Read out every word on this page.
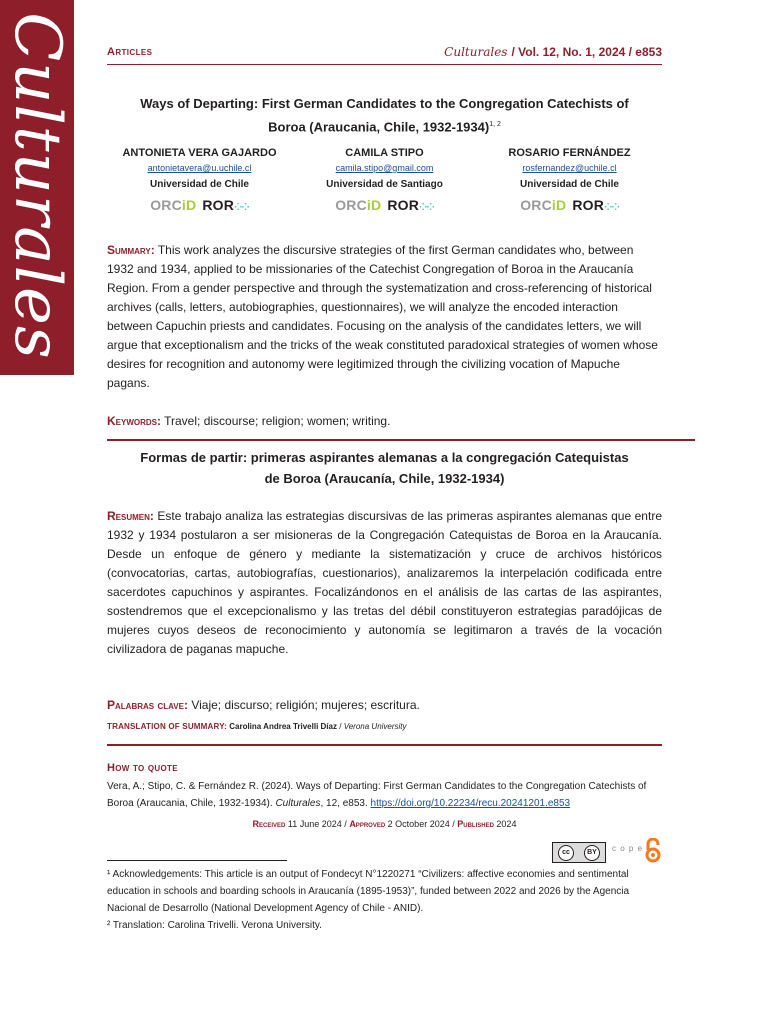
Culturales	Articles	Culturales / Vol. 12, No. 1, 2024 / e853
Ways of Departing: First German Candidates to the Congregation Catechists of
Boroa (Araucania, Chile, 1932-1934)$^{1, 2}$
ANTONIETA VERA GAJARDO
antonietavera@u.uchile.cl
Universidad de Chile
ORCiD ROR⁘⁘
CAMILA STIPO
camila.stipo@gmail.com
Universidad de Santiago
ORCiD ROR⁘⁘
ROSARIO FERNÁNDEZ
rosfernandez@uchile.cl
Universidad de Chile
ORCiD ROR⁘⁘
Summary: This work analyzes the discursive strategies of the first German candidates who, between 1932 and 1934, applied to be missionaries of the Catechist Congregation of Boroa in the Araucanía Region. From a gender perspective and through the systematization and cross-referencing of historical archives (calls, letters, autobiographies, questionnaires), we will analyze the encoded interaction between Capuchin priests and candidates. Focusing on the analysis of the candidates letters, we will argue that exceptionalism and the tricks of the weak constituted paradoxical strategies of women whose desires for recognition and autonomy were legitimized through the civilizing vocation of Mapuche pagans.
Keywords: Travel; discourse; religion; women; writing.
Formas de partir: primeras aspirantes alemanas a la congregación Catequistas
de Boroa (Araucanía, Chile, 1932-1934)
Resumen: Este trabajo analiza las estrategias discursivas de las primeras aspirantes alemanas que entre 1932 y 1934 postularon a ser misioneras de la Congregación Catequistas de Boroa en la Araucanía. Desde un enfoque de género y mediante la sistematización y cruce de archivos históricos (convocatorias, cartas, autobiografías, cuestionarios), analizaremos la interpelación codificada entre sacerdotes capuchinos y aspirantes. Focalizándonos en el análisis de las cartas de las aspirantes, sostendremos que el excepcionalismo y las tretas del débil constituyeron estrategias paradójicas de mujeres cuyos deseos de reconocimiento y autonomía se legitimaron a través de la vocación civilizadora de paganas mapuche.
Palabras clave: Viaje; discurso; religión; mujeres; escritura.
TRANSLATION OF SUMMARY: Carolina Andrea Trivelli Díaz / Verona University
How to quote
Vera, A.; Stipo, C. & Fernández R. (2024). Ways of Departing: First German Candidates to the Congregation Catechists of Boroa (Araucania, Chile, 1932-1934). Culturales, 12, e853. https://doi.org/10.22234/recu.20241201.e853
Received 11 June 2024 / Approved 2 October 2024 / Published 2024
cc	BY	c o p e
¹ Acknowledgements: This article is an output of Fondecyt N°1220271 “Civilizers: affective economies and sentimental education in schools and boarding schools in Araucanía (1895-1953)”, funded between 2022 and 2026 by the Agencia Nacional de Desarrollo (National Development Agency of Chile - ANID).
² Translation: Carolina Trivelli. Verona University.
